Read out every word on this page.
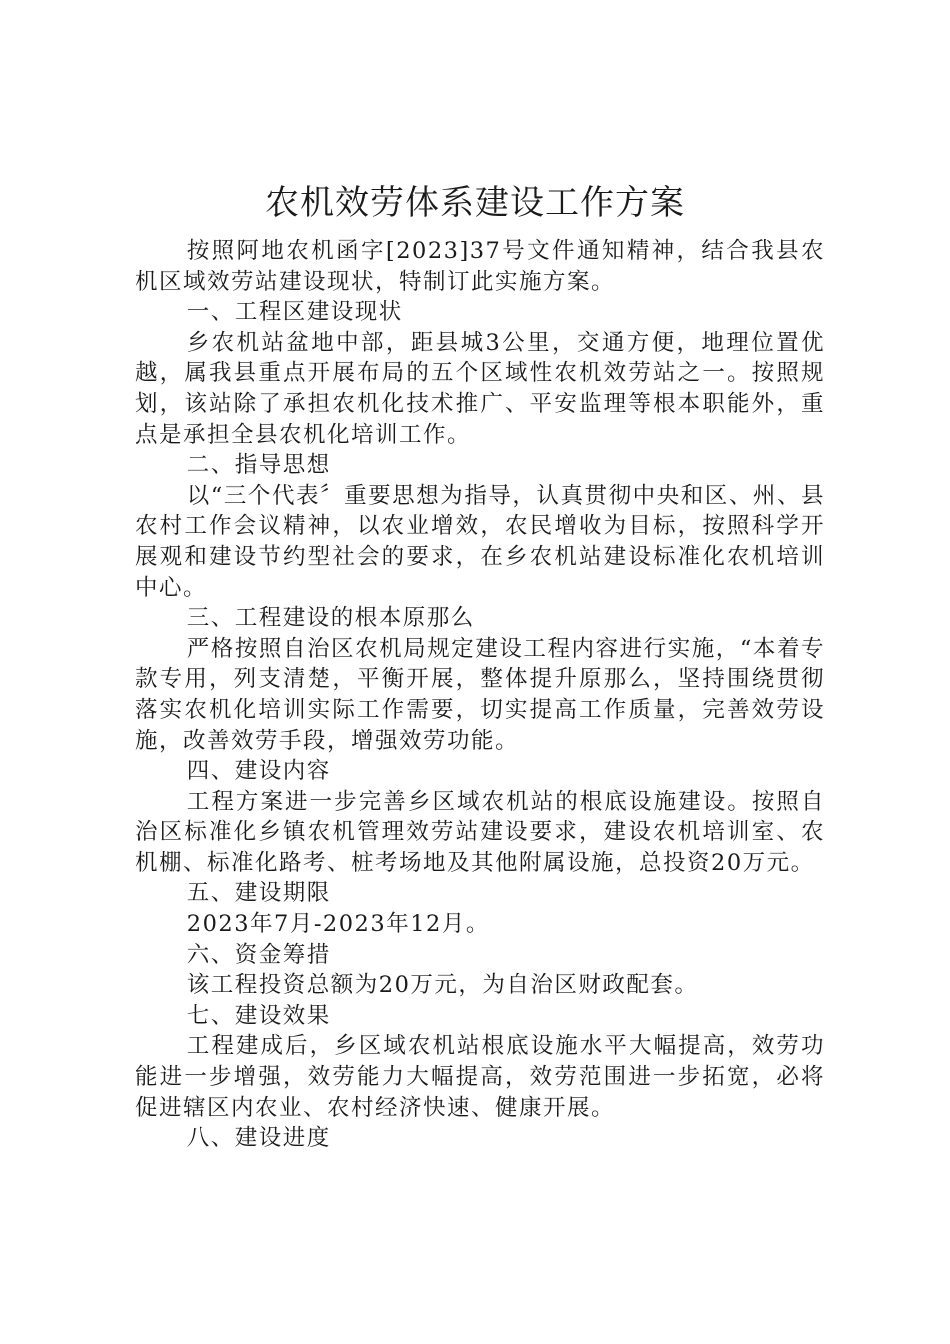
农机效劳体系建设工作方案

按照阿地农机函字[2023]37号文件通知精神，结合我县农机区域效劳站建设现状，特制订此实施方案。

一、工程区建设现状

乡农机站盆地中部，距县城3公里，交通方便，地理位置优越，属我县重点开展布局的五个区域性农机效劳站之一。按照规划，该站除了承担农机化技术推广、平安监理等根本职能外，重点是承担全县农机化培训工作。

二、指导思想

以“三个代表〞重要思想为指导，认真贯彻中央和区、州、县农村工作会议精神，以农业增效，农民增收为目标，按照科学开展观和建设节约型社会的要求，在乡农机站建设标准化农机培训中心。

三、工程建设的根本原那么

严格按照自治区农机局规定建设工程内容进行实施，“本着专款专用，列支清楚，平衡开展，整体提升原那么，坚持围绕贯彻落实农机化培训实际工作需要，切实提高工作质量，完善效劳设施，改善效劳手段，增强效劳功能。

四、建设内容

工程方案进一步完善乡区域农机站的根底设施建设。按照自治区标准化乡镇农机管理效劳站建设要求，建设农机培训室、农机棚、标准化路考、桩考场地及其他附属设施，总投资20万元。

五、建设期限

2023年7月-2023年12月。

六、资金筹措

该工程投资总额为20万元，为自治区财政配套。

七、建设效果

工程建成后，乡区域农机站根底设施水平大幅提高，效劳功能进一步增强，效劳能力大幅提高，效劳范围进一步拓宽，必将促进辖区内农业、农村经济快速、健康开展。

八、建设进度
